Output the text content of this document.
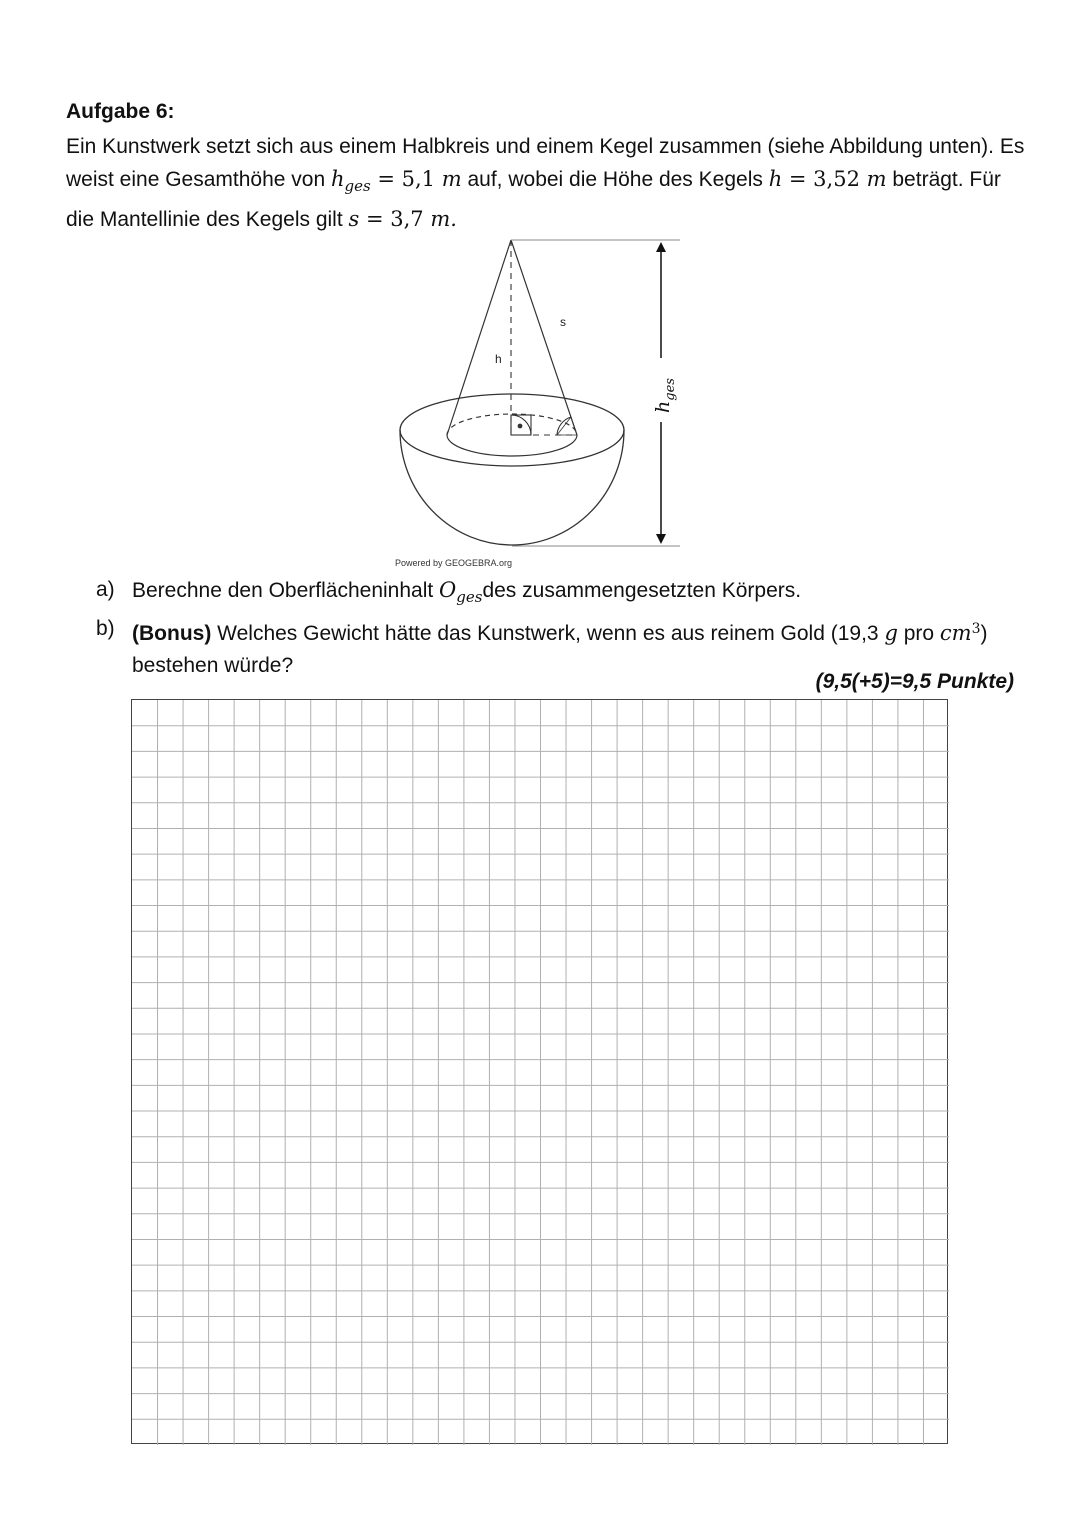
Aufgabe 6:
Ein Kunstwerk setzt sich aus einem Halbkreis und einem Kegel zusammen (siehe Abbildung unten). Es weist eine Gesamthöhe von $h_{ges} = 5,1$ m auf, wobei die Höhe des Kegels h = 3,52 m beträgt. Für die Mantellinie des Kegels gilt s = 3,7 m.
s
h
$h_{ges}$
Powered by GEOGEBRA.org
a) Berechne den Oberflächeninhalt $O_{ges}des$ zusammengesetzten Körpers.
b) (Bonus) Welches Gewicht hätte das Kunstwerk, wenn es aus reinem Gold (19,3 g pro $cm^3$) bestehen würde?
(9,5(+5)=9,5 Punkte)
